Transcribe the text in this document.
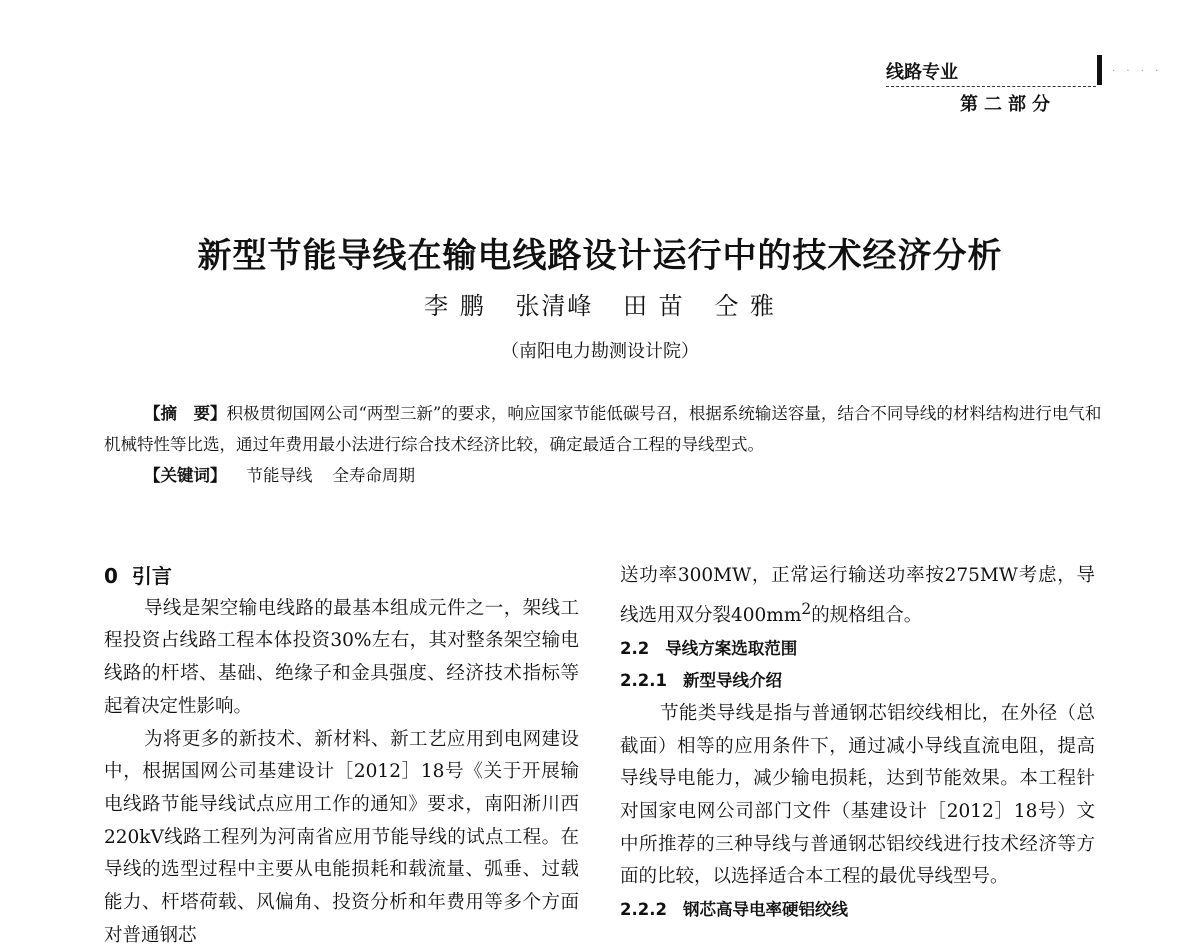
线路专业	· · · ·
第二部分
新型节能导线在输电线路设计运行中的技术经济分析
李 鹏 张清峰 田 苗 仝 雅
（南阳电力勘测设计院）

【摘　要】积极贯彻国网公司“两型三新”的要求，响应国家节能低碳号召，根据系统输送容量，结合不同导线的材料结构进行电气和机械特性等比选，通过年费用最小法进行综合技术经济比较，确定最适合工程的导线型式。

【关键词】 节能导线 全寿命周期

0 引言

导线是架空输电线路的最基本组成元件之一，架线工程投资占线路工程本体投资30%左右，其对整条架空输电线路的杆塔、基础、绝缘子和金具强度、经济技术指标等起着决定性影响。

为将更多的新技术、新材料、新工艺应用到电网建设中，根据国网公司基建设计［2012］18号《关于开展输电线路节能导线试点应用工作的通知》要求，南阳淅川西220kV线路工程列为河南省应用节能导线的试点工程。在导线的选型过程中主要从电能损耗和载流量、弧垂、过载能力、杆塔荷载、风偏角、投资分析和年费用等多个方面对普通钢芯

送功率300MW，正常运行输送功率按275MW考虑，导线选用双分裂$400mm^2$的规格组合。

2.2 导线方案选取范围
2.2.1 新型导线介绍

节能类导线是指与普通钢芯铝绞线相比，在外径（总截面）相等的应用条件下，通过减小导线直流电阻，提高导线导电能力，减少输电损耗，达到节能效果。本工程针对国家电网公司部门文件（基建设计［2012］18号）文中所推荐的三种导线与普通钢芯铝绞线进行技术经济等方面的比较，以选择适合本工程的最优导线型号。

2.2.2 钢芯高导电率硬铝绞线
